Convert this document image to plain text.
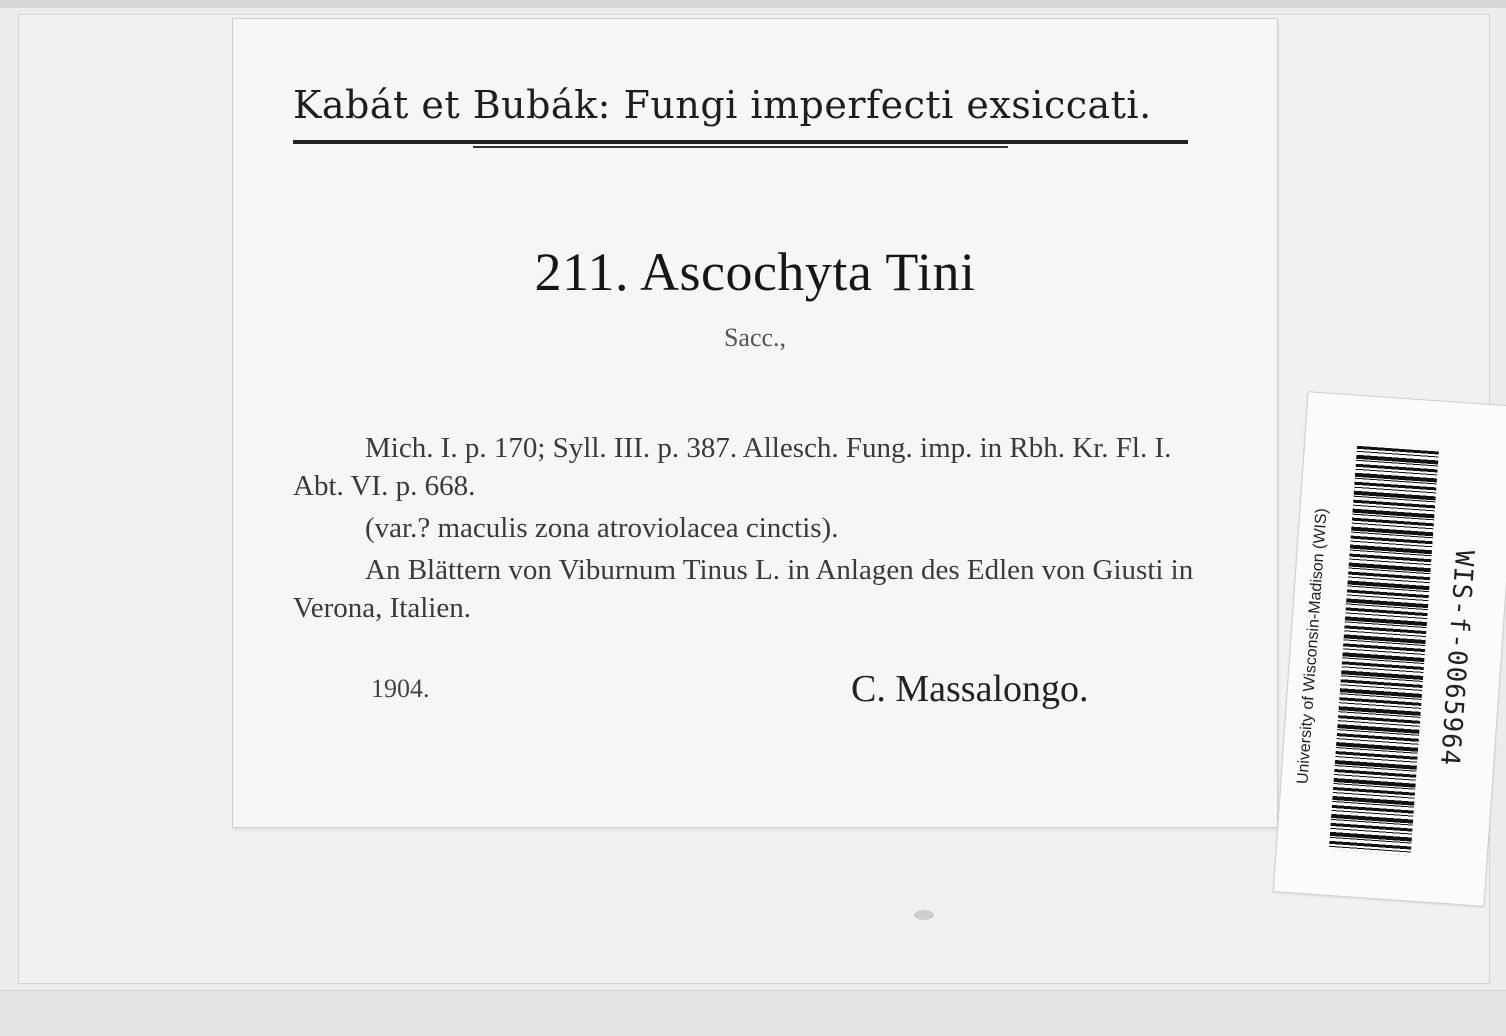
Kabát et Bubák: Fungi imperfecti exsiccati.
211. Ascochyta Tini
Sacc.,
Mich. I. p. 170; Syll. III. p. 387. Allesch. Fung. imp. in Rbh. Kr. Fl. I. Abt. VI. p. 668.
(var.? maculis zona atroviolacea cinctis).
An Blättern von Viburnum Tinus L. in Anlagen des Edlen von Giusti in Verona, Italien.
1904.	C. Massalongo.	University of Wisconsin-Madison (WIS)	WIS-f-0065964
